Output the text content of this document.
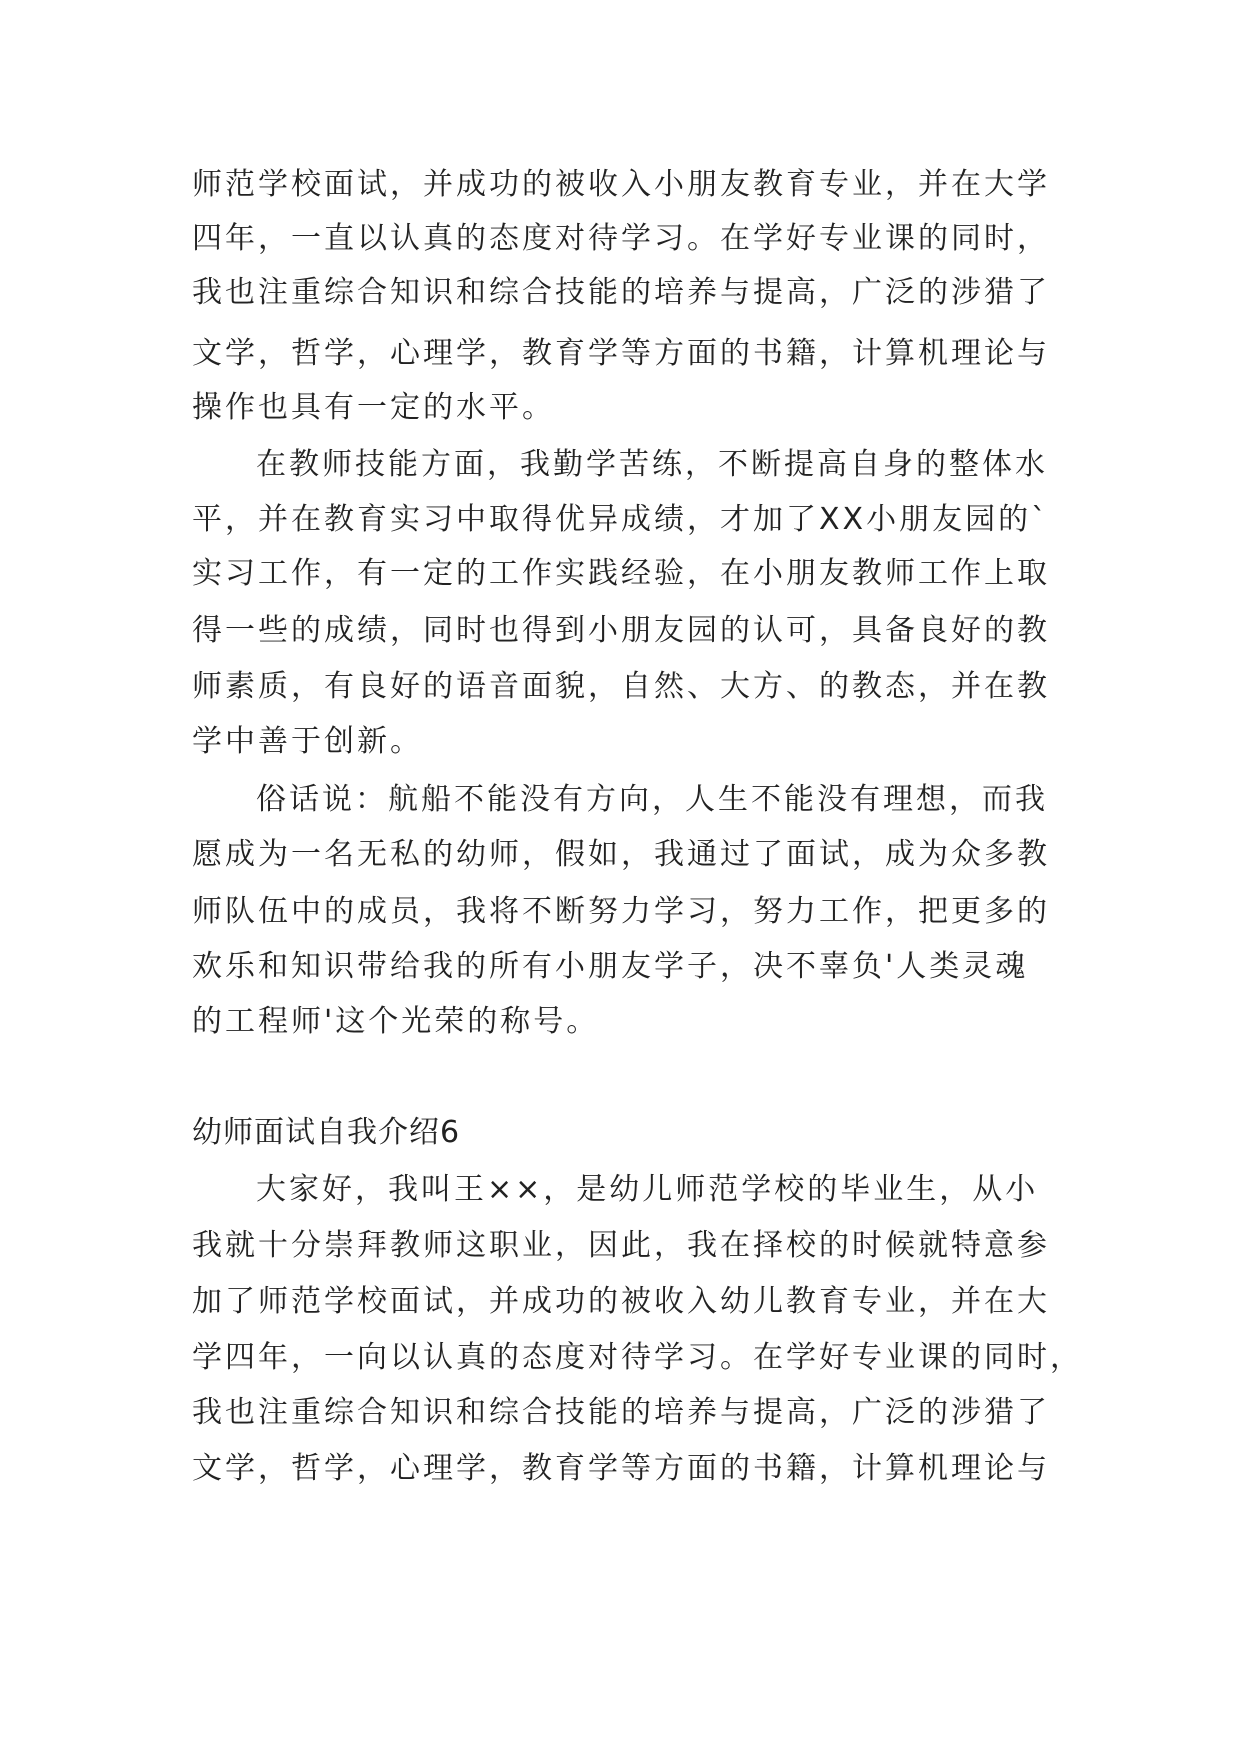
师范学校面试，并成功的被收入小朋友教育专业，并在大学
四年，一直以认真的态度对待学习。在学好专业课的同时，
我也注重综合知识和综合技能的培养与提高，广泛的涉猎了
文学，哲学，心理学，教育学等方面的书籍，计算机理论与
操作也具有一定的水平。
在教师技能方面，我勤学苦练，不断提高自身的整体水
平，并在教育实习中取得优异成绩，才加了XX小朋友园的`
实习工作，有一定的工作实践经验，在小朋友教师工作上取
得一些的成绩，同时也得到小朋友园的认可，具备良好的教
师素质，有良好的语音面貌，自然、大方、的教态，并在教
学中善于创新。
俗话说：航船不能没有方向，人生不能没有理想，而我
愿成为一名无私的幼师，假如，我通过了面试，成为众多教
师队伍中的成员，我将不断努力学习，努力工作，把更多的
欢乐和知识带给我的所有小朋友学子，决不辜负'人类灵魂
的工程师'这个光荣的称号。
幼师面试自我介绍6
大家好，我叫王××，是幼儿师范学校的毕业生，从小
我就十分崇拜教师这职业，因此，我在择校的时候就特意参
加了师范学校面试，并成功的被收入幼儿教育专业，并在大
学四年，一向以认真的态度对待学习。在学好专业课的同时，
我也注重综合知识和综合技能的培养与提高，广泛的涉猎了
文学，哲学，心理学，教育学等方面的书籍，计算机理论与
